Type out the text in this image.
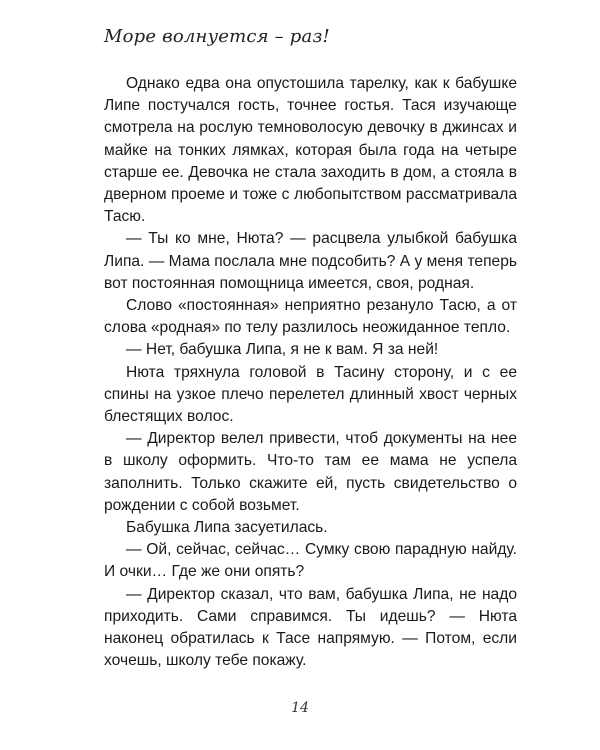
Море волнуется – раз!

Однако едва она опустошила тарелку, как к бабушке Липе постучался гость, точнее гостья. Тася изучающе смотрела на рослую темноволосую девочку в джинсах и майке на тонких лямках, которая была года на четыре старше ее. Девочка не стала заходить в дом, а стояла в дверном проеме и тоже с любопытством рассматривала Тасю.

— Ты ко мне, Нюта? — расцвела улыбкой бабушка Липа. — Мама послала мне подсобить? А у меня теперь вот постоянная помощница имеется, своя, родная.

Слово «постоянная» неприятно резануло Тасю, а от слова «родная» по телу разлилось неожиданное тепло.

— Нет, бабушка Липа, я не к вам. Я за ней!

Нюта тряхнула головой в Тасину сторону, и с ее спины на узкое плечо перелетел длинный хвост черных блестящих волос.

— Директор велел привести, чтоб документы на нее в школу оформить. Что-то там ее мама не успела заполнить. Только скажите ей, пусть свидетельство о рождении с собой возьмет.

Бабушка Липа засуетилась.

— Ой, сейчас, сейчас… Сумку свою парадную найду. И очки… Где же они опять?

— Директор сказал, что вам, бабушка Липа, не надо приходить. Сами справимся. Ты идешь? — Нюта наконец обратилась к Тасе напрямую. — Потом, если хочешь, школу тебе покажу.

14
